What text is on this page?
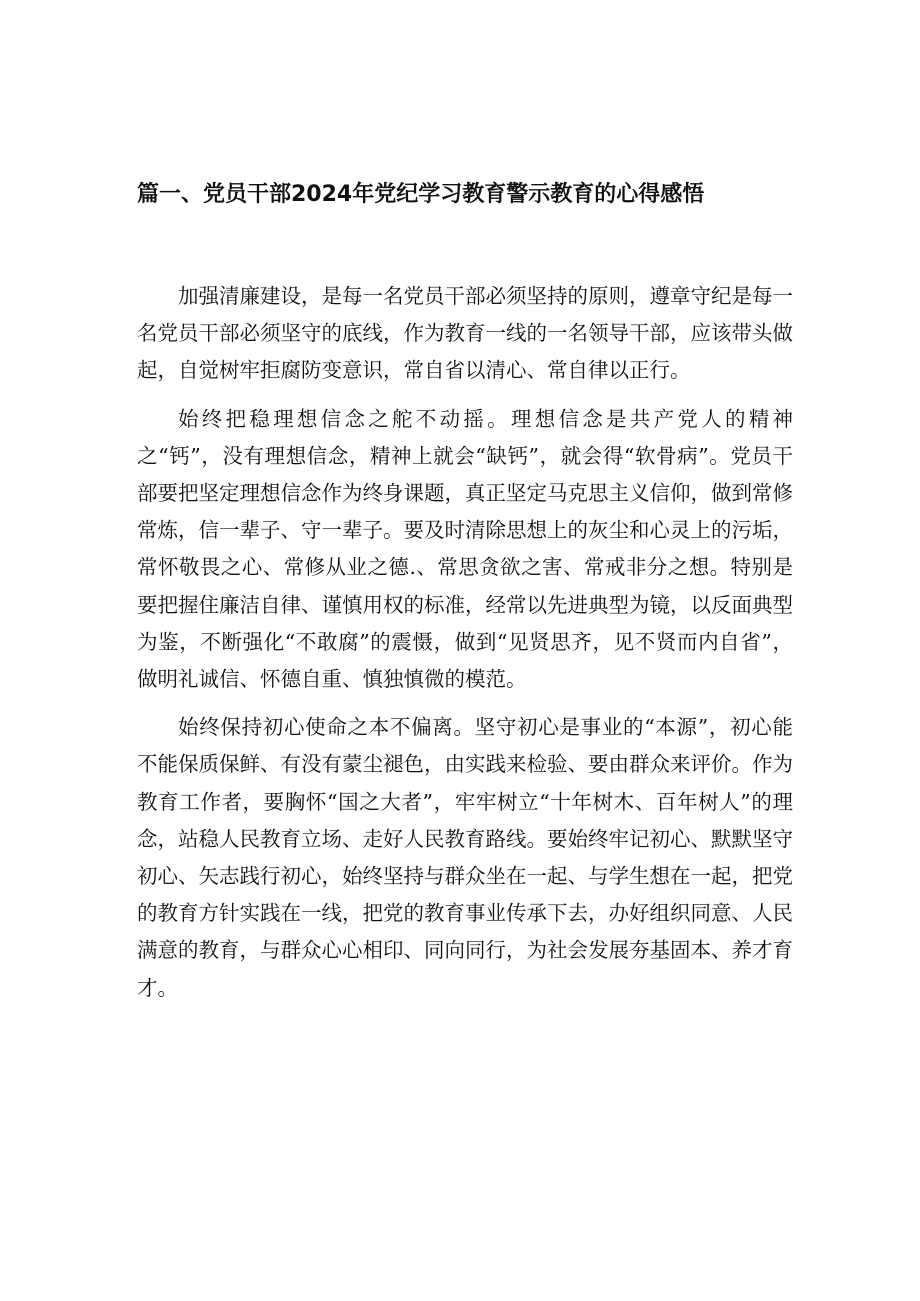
篇一、党员干部2024年党纪学习教育警示教育的心得感悟

加强清廉建设，是每一名党员干部必须坚持的原则，遵章守纪是每一名党员干部必须坚守的底线，作为教育一线的一名领导干部，应该带头做起，自觉树牢拒腐防变意识，常自省以清心、常自律以正行。

始终把稳理想信念之舵不动摇。理想信念是共产党人的精神之“钙”，没有理想信念，精神上就会“缺钙”，就会得“软骨病”。党员干部要把坚定理想信念作为终身课题，真正坚定马克思主义信仰，做到常修常炼，信一辈子、守一辈子。要及时清除思想上的灰尘和心灵上的污垢，常怀敬畏之心、常修从业之德.、常思贪欲之害、常戒非分之想。特别是要把握住廉洁自律、谨慎用权的标准，经常以先进典型为镜，以反面典型为鉴，不断强化“不敢腐”的震慑，做到“见贤思齐，见不贤而内自省”，做明礼诚信、怀德自重、慎独慎微的模范。

始终保持初心使命之本不偏离。坚守初心是事业的“本源”，初心能不能保质保鲜、有没有蒙尘褪色，由实践来检验、要由群众来评价。作为教育工作者，要胸怀“国之大者”，牢牢树立“十年树木、百年树人”的理念，站稳人民教育立场、走好人民教育路线。要始终牢记初心、默默坚守初心、矢志践行初心，始终坚持与群众坐在一起、与学生想在一起，把党的教育方针实践在一线，把党的教育事业传承下去，办好组织同意、人民满意的教育，与群众心心相印、同向同行，为社会发展夯基固本、养才育才。
